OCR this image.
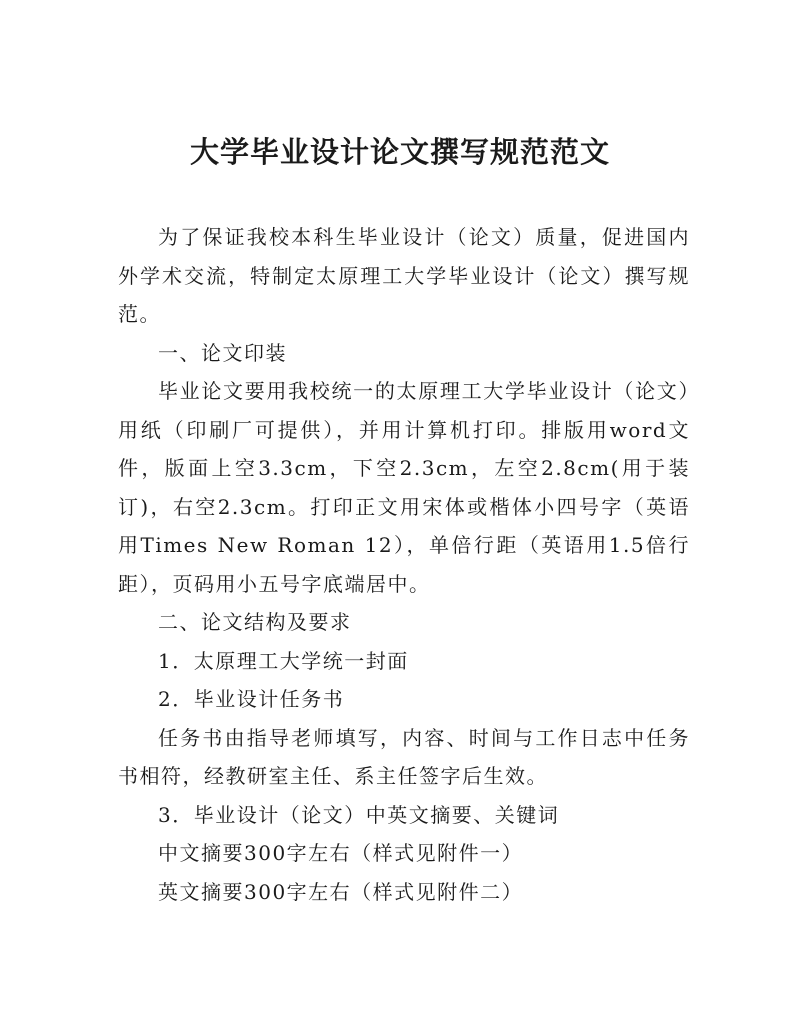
大学毕业设计论文撰写规范范文

为了保证我校本科生毕业设计（论文）质量，促进国内外学术交流，特制定太原理工大学毕业设计（论文）撰写规范。

一、论文印装

毕业论文要用我校统一的太原理工大学毕业设计（论文）用纸（印刷厂可提供），并用计算机打印。排版用word文件，版面上空3.3cm，下空2.3cm，左空2.8cm(用于装订)，右空2.3cm。打印正文用宋体或楷体小四号字（英语用Times New Roman 12），单倍行距（英语用1.5倍行距），页码用小五号字底端居中。

二、论文结构及要求

1．太原理工大学统一封面

2．毕业设计任务书

任务书由指导老师填写，内容、时间与工作日志中任务书相符，经教研室主任、系主任签字后生效。

3．毕业设计（论文）中英文摘要、关键词

中文摘要300字左右（样式见附件一）

英文摘要300字左右（样式见附件二）
